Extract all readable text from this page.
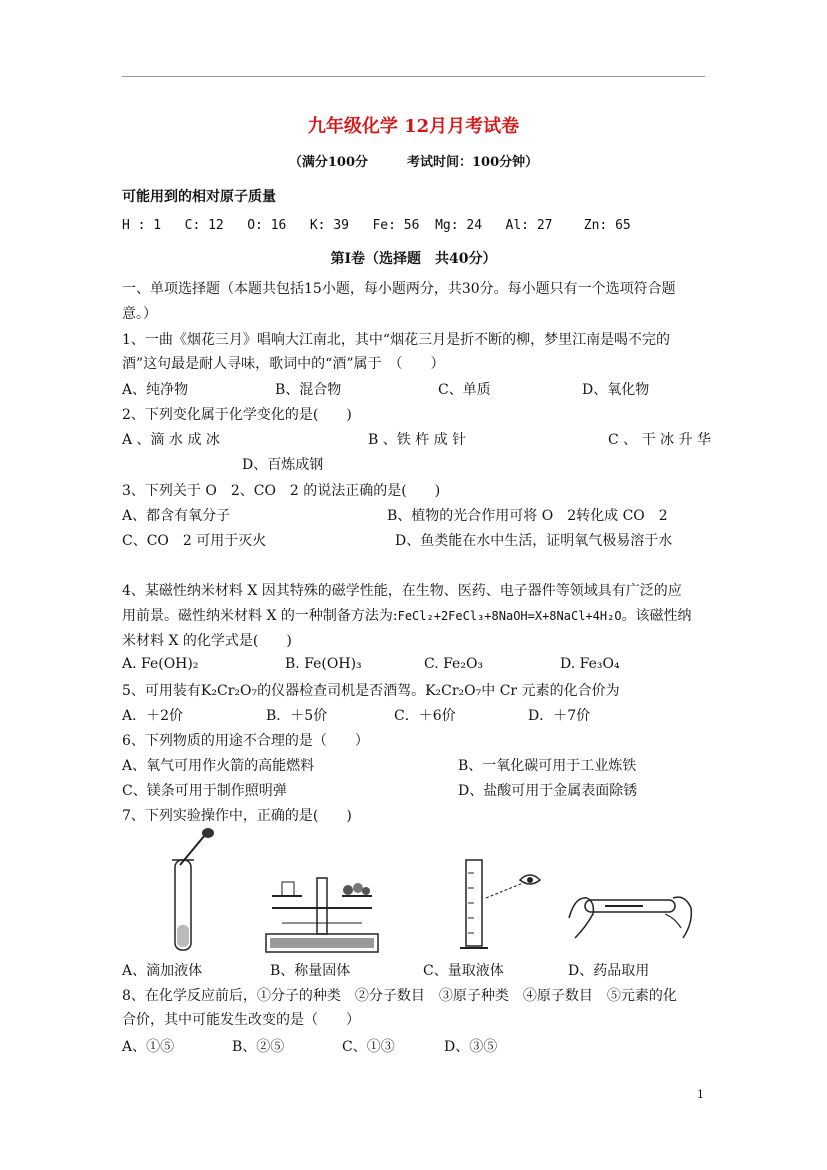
九年级化学 12月月考试卷
（满分100分　　　考试时间：100分钟）
可能用到的相对原子质量
H : 1   C: 12   O: 16   K: 39   Fe: 56  Mg: 24   Al: 27    Zn: 65
第Ⅰ卷（选择题　共40分）
一、单项选择题（本题共包括15小题，每小题两分，共30分。每小题只有一个选项符合题
意。）
1、一曲《烟花三月》唱响大江南北，其中“烟花三月是折不断的柳，梦里江南是喝不完的
酒”这句最是耐人寻味，歌词中的“酒”属于　（　　）
A、纯净物	B、混合物	C、单质	D、氧化物
2、下列变化属于化学变化的是(　　)
A 、滴 水 成 冰	B 、铁 杵 成 针	C 、 干 冰 升 华
D、百炼成钢
3、下列关于 O　2、CO　2 的说法正确的是(　　)
A、都含有氧分子	B、植物的光合作用可将 O　2转化成 CO　2
C、CO　2 可用于灭火	D、鱼类能在水中生活，证明氧气极易溶于水
4、某磁性纳米材料 X 因其特殊的磁学性能，在生物、医药、电子器件等领域具有广泛的应
用前景。磁性纳米材料 X 的一种制备方法为:FeCl₂+2FeCl₃+8NaOH=X+8NaCl+4H₂O。该磁性纳
米材料 X 的化学式是(　　)
A. Fe(OH)₂	B. Fe(OH)₃	C. Fe₂O₃	D. Fe₃O₄
5、可用装有K₂Cr₂O₇的仪器检查司机是否酒驾。K₂Cr₂O₇中 Cr 元素的化合价为
A．＋2价	B．＋5价	C．＋6价	D．＋7价
6、下列物质的用途不合理的是（　　）
A、氧气可用作火箭的高能燃料	B、一氧化碳可用于工业炼铁
C、镁条可用于制作照明弹	D、盐酸可用于金属表面除锈
7、下列实验操作中，正确的是(　　)
A、滴加液体	B、称量固体	C、量取液体	D、药品取用
8、在化学反应前后，①分子的种类　②分子数目　③原子种类　④原子数目　⑤元素的化
合价，其中可能发生改变的是（　　）
A、①⑤	B、②⑤	C、①③	D、③⑤
1
